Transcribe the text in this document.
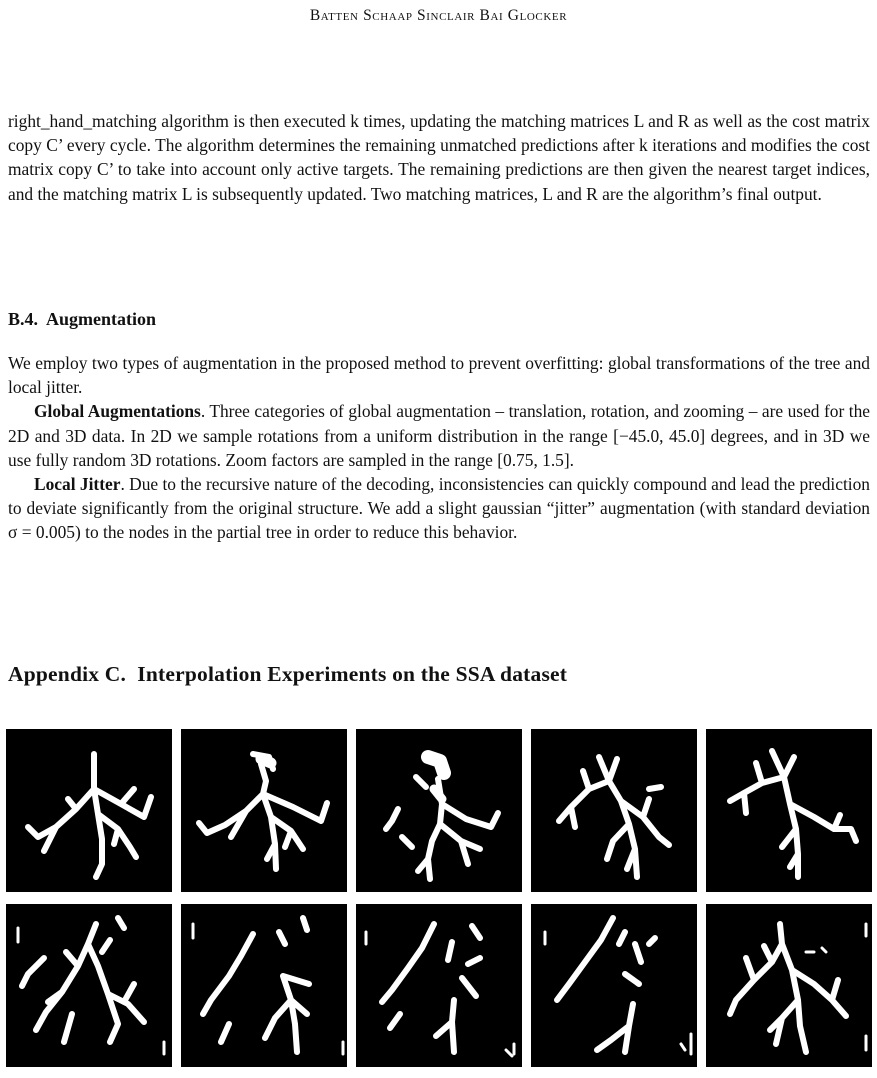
Batten Schaap Sinclair Bai Glocker

right_hand_matching algorithm is then executed k times, updating the matching matrices L and R as well as the cost matrix copy C’ every cycle. The algorithm determines the remaining unmatched predictions after k iterations and modifies the cost matrix copy C’ to take into account only active targets. The remaining predictions are then given the nearest target indices, and the matching matrix L is subsequently updated. Two matching matrices, L and R are the algorithm’s final output.

B.4. Augmentation

We employ two types of augmentation in the proposed method to prevent overfitting: global transformations of the tree and local jitter.

Global Augmentations. Three categories of global augmentation – translation, rotation, and zooming – are used for the 2D and 3D data. In 2D we sample rotations from a uniform distribution in the range [−45.0, 45.0] degrees, and in 3D we use fully random 3D rotations. Zoom factors are sampled in the range [0.75, 1.5].

Local Jitter. Due to the recursive nature of the decoding, inconsistencies can quickly compound and lead the prediction to deviate significantly from the original structure. We add a slight gaussian “jitter” augmentation (with standard deviation σ = 0.005) to the nodes in the partial tree in order to reduce this behavior.

Appendix C. Interpolation Experiments on the SSA dataset
